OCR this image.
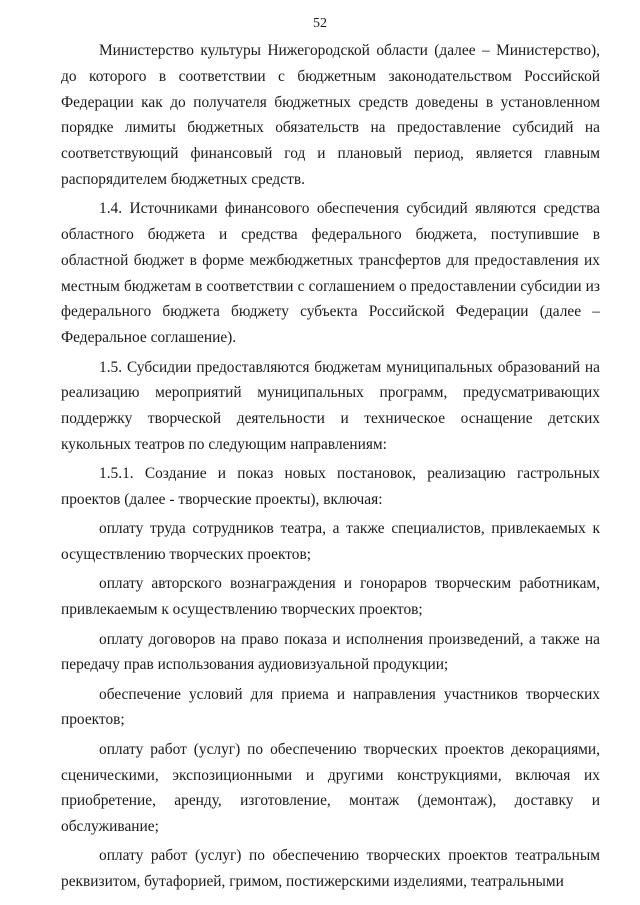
52

Министерство культуры Нижегородской области (далее – Министерство), до которого в соответствии с бюджетным законодательством Российской Федерации как до получателя бюджетных средств доведены в установленном порядке лимиты бюджетных обязательств на предоставление субсидий на соответствующий финансовый год и плановый период, является главным распорядителем бюджетных средств.

1.4. Источниками финансового обеспечения субсидий являются средства областного бюджета и средства федерального бюджета, поступившие в областной бюджет в форме межбюджетных трансфертов для предоставления их местным бюджетам в соответствии с соглашением о предоставлении субсидии из федерального бюджета бюджету субъекта Российской Федерации (далее – Федеральное соглашение).

1.5. Субсидии предоставляются бюджетам муниципальных образований на реализацию мероприятий муниципальных программ, предусматривающих поддержку творческой деятельности и техническое оснащение детских кукольных театров по следующим направлениям:

1.5.1. Создание и показ новых постановок, реализацию гастрольных проектов (далее - творческие проекты), включая:

оплату труда сотрудников театра, а также специалистов, привлекаемых к осуществлению творческих проектов;

оплату авторского вознаграждения и гонораров творческим работникам, привлекаемым к осуществлению творческих проектов;

оплату договоров на право показа и исполнения произведений, а также на передачу прав использования аудиовизуальной продукции;

обеспечение условий для приема и направления участников творческих проектов;

оплату работ (услуг) по обеспечению творческих проектов декорациями, сценическими, экспозиционными и другими конструкциями, включая их приобретение, аренду, изготовление, монтаж (демонтаж), доставку и обслуживание;

оплату работ (услуг) по обеспечению творческих проектов театральным реквизитом, бутафорией, гримом, постижерскими изделиями, театральными
